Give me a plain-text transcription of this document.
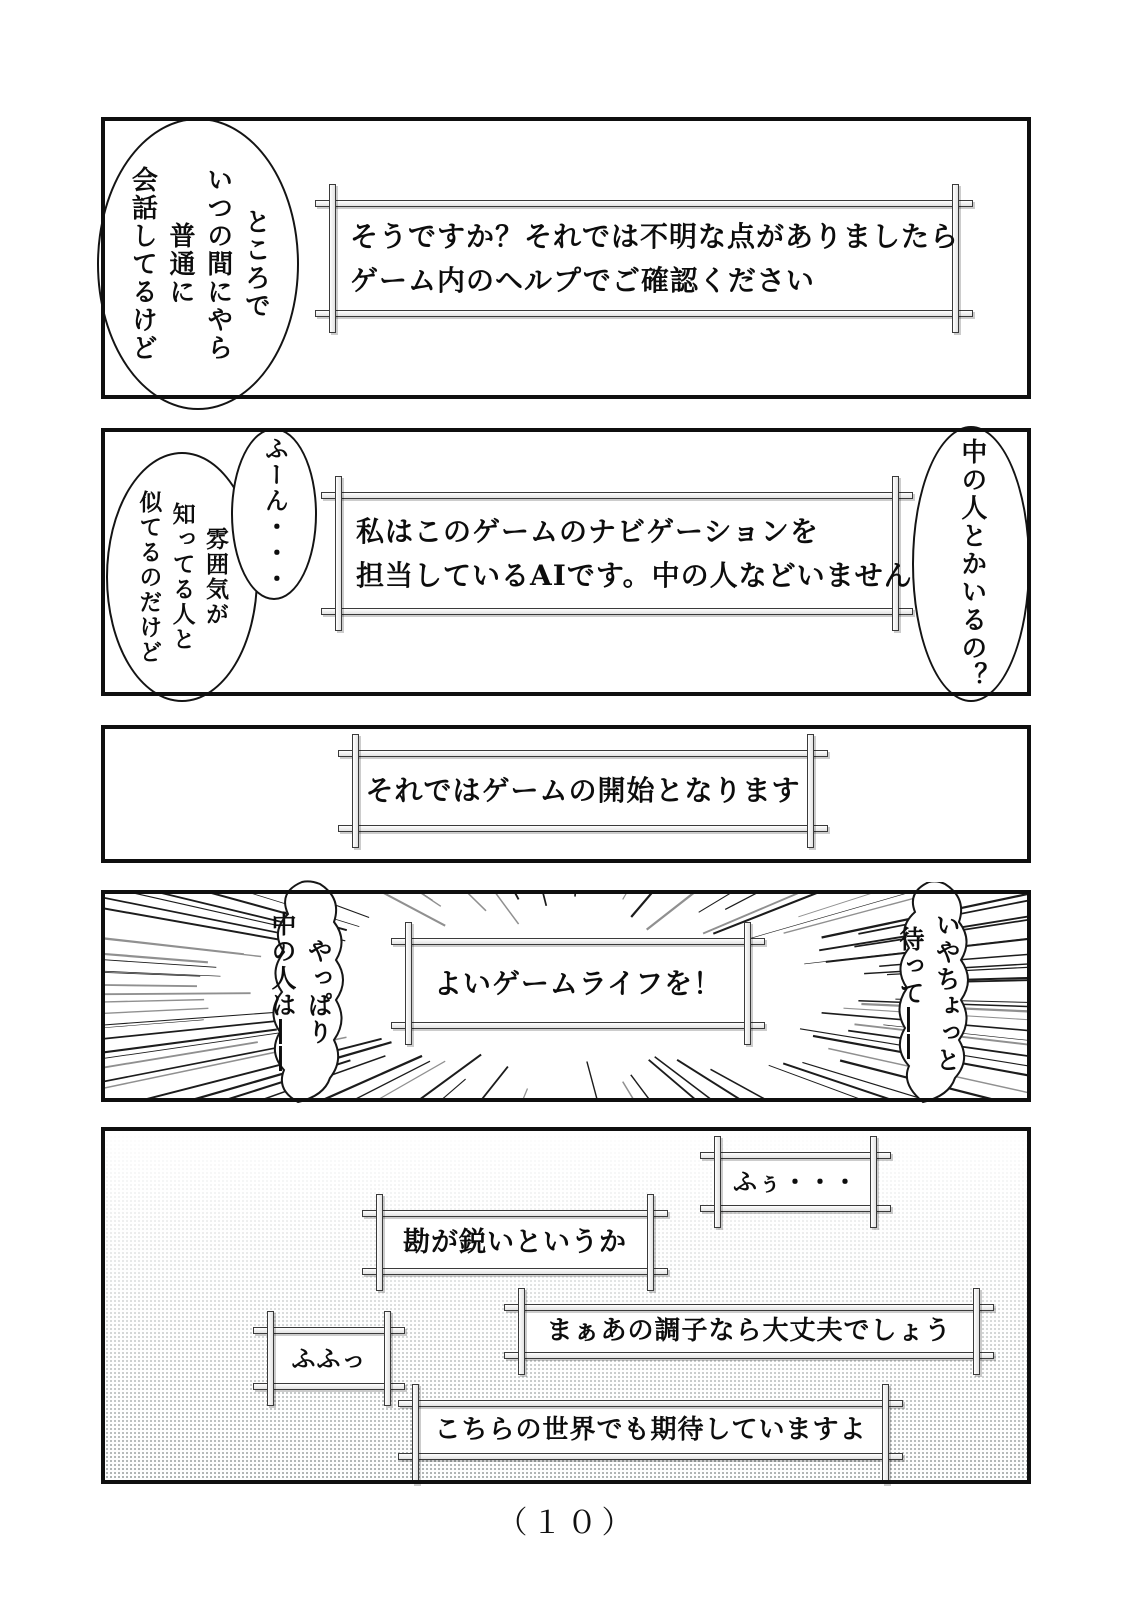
ところで
いつの間にやら
普通に
会話してるけど	そうですか？それでは不明な点がありましたら
ゲーム内のヘルプでご確認ください
雰囲気が
知ってる人と
似てるのだけど	ふーん・・・ 私はこのゲームのナビゲーションを
担当しているAIです。中の人などいません 中の人とかいるの？
それではゲームの開始となります
やっぱり
中の人は――	よいゲームライフを！	いやちょっと
待って――
ふぅ・・・
勘が鋭いというか
まぁあの調子なら大丈夫でしょう
ふふっ
こちらの世界でも期待していますよ
（１０）
